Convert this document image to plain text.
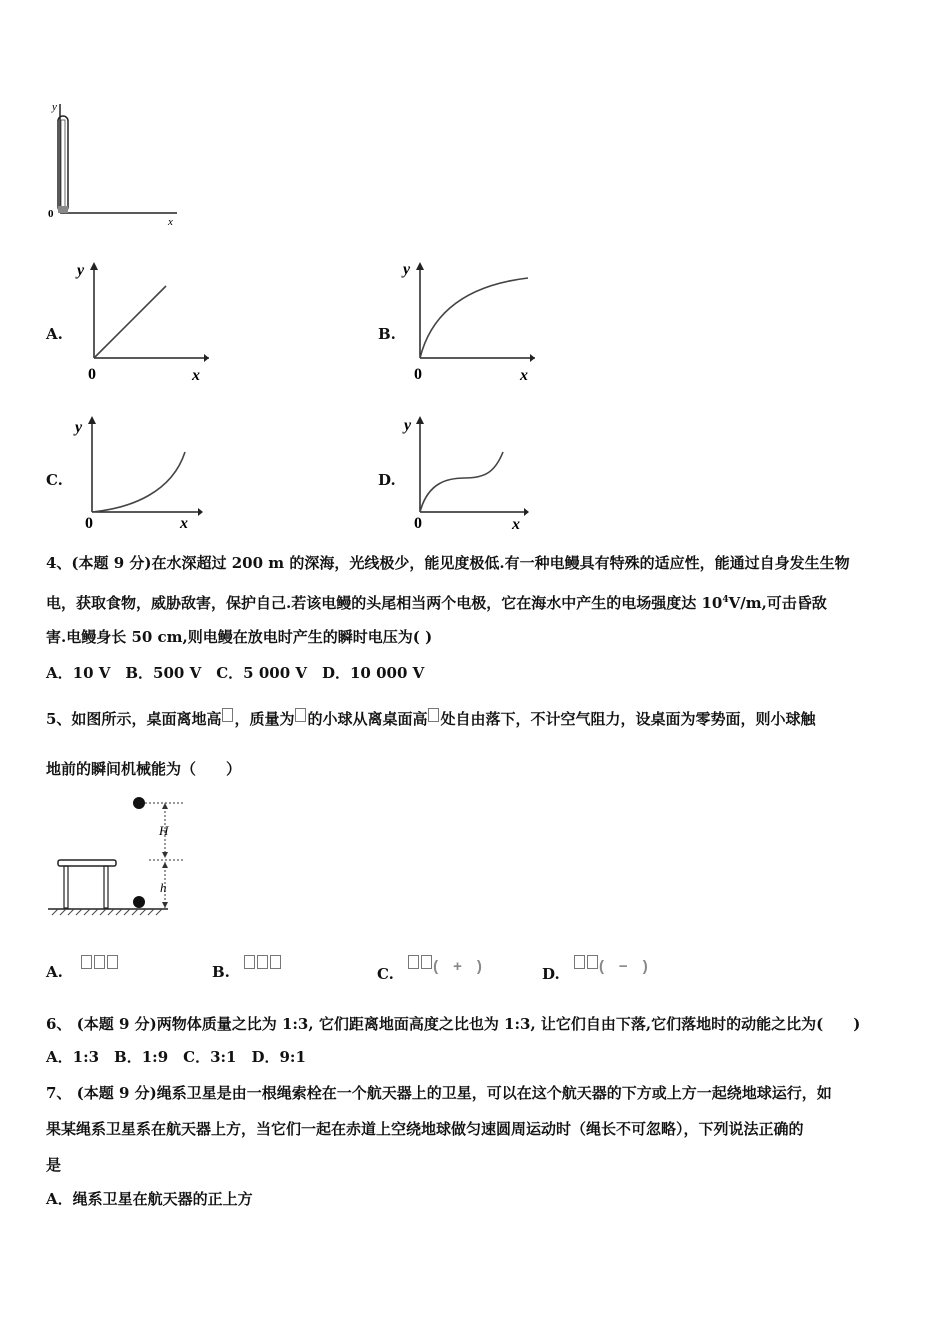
y
0
x
A.
y
0	x
B.
y
0	x
C.
y
0	x
D.
y
0	x
4、(本题 9 分)在水深超过 200 m 的深海，光线极少，能见度极低.有一种电鳗具有特殊的适应性，能通过自身发生生物
电，获取食物，威胁敌害，保护自己.若该电鳗的头尾相当两个电极，它在海水中产生的电场强度达 $10^4V/m$,可击昏敌
害.电鳗身长 50 cm,则电鳗在放电时产生的瞬时电压为( )
A．10 V　B．500 V　C．5 000 V　D．10 000 V
5、如图所示，桌面离地高 ，质量为 的小球从离桌面高 处自由落下，不计空气阻力，设桌面为零势面，则小球触
地前的瞬间机械能为（　　）
H
h
A.	B.	C.	(　+　)	D.	(　−　)
6、 (本题 9 分)两物体质量之比为 1:3, 它们距离地面高度之比也为 1:3, 让它们自由下落,它们落地时的动能之比为(　　)
A．1:3　B．1:9　C．3:1　D．9:1
7、 (本题 9 分)绳系卫星是由一根绳索栓在一个航天器上的卫星，可以在这个航天器的下方或上方一起绕地球运行，如
果某绳系卫星系在航天器上方，当它们一起在赤道上空绕地球做匀速圆周运动时（绳长不可忽略），下列说法正确的
是
A．绳系卫星在航天器的正上方
